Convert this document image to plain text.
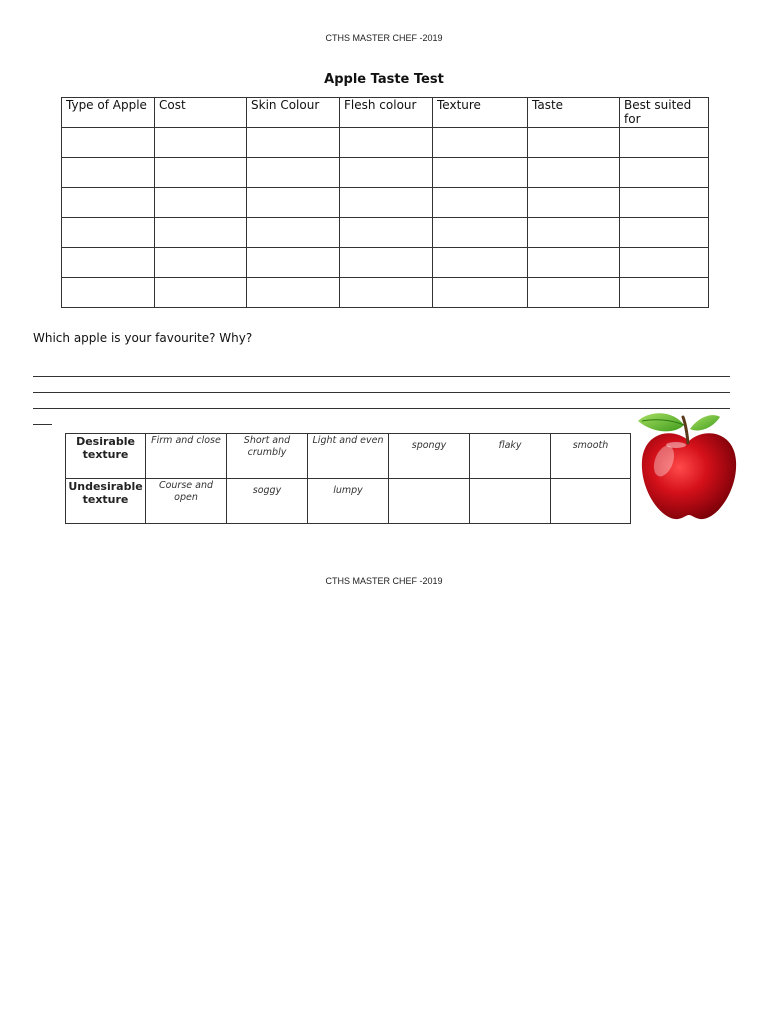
CTHS MASTER CHEF -2019
Apple Taste Test
Type of Apple	Cost	Skin Colour	Flesh colour	Texture	Taste	Best suited for

Which apple is your favourite? Why?
Desirable texture	Firm and close	Short and crumbly	Light and even	spongy	flaky	smooth
Undesirable texture	Course and open	soggy	lumpy			
CTHS MASTER CHEF -2019
